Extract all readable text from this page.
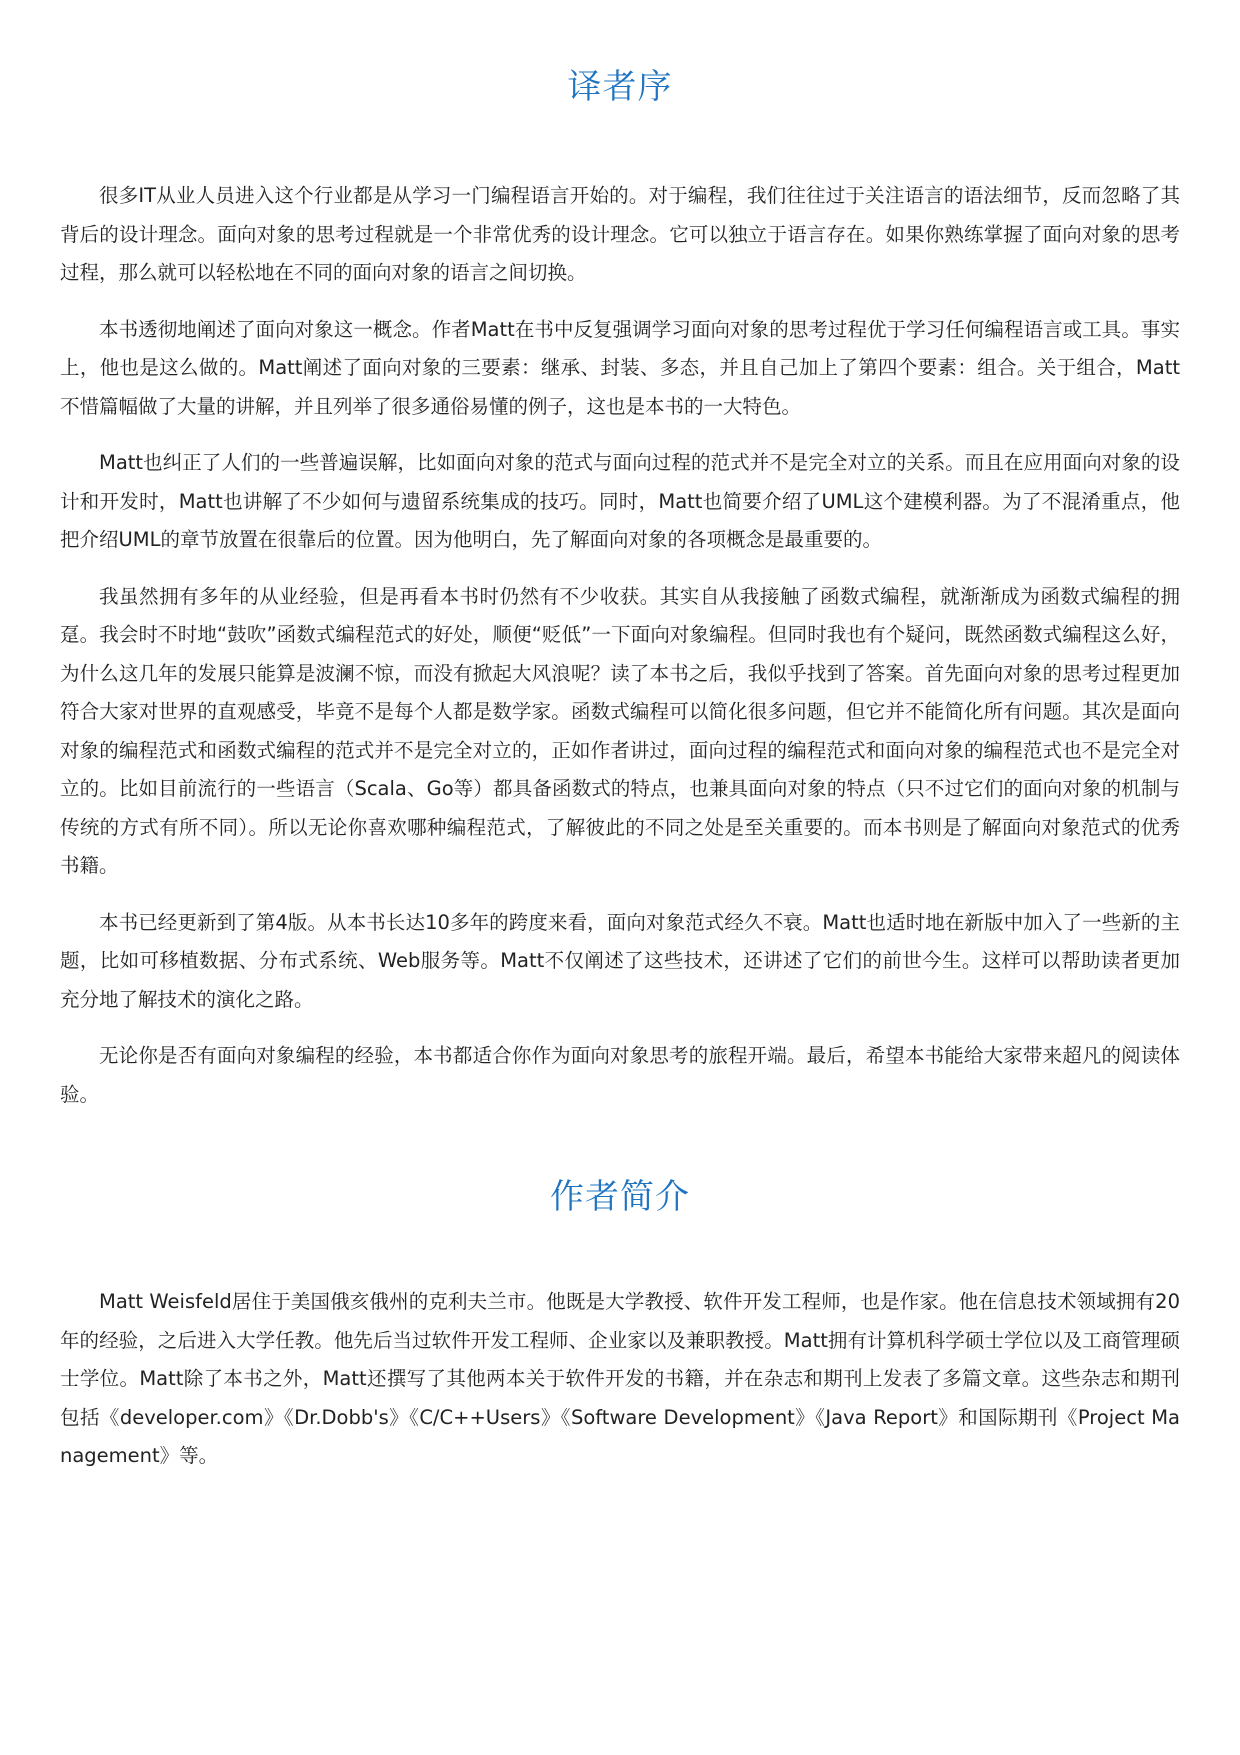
译者序

很多IT从业人员进入这个行业都是从学习一门编程语言开始的。对于编程，我们往往过于关注语言的语法细节，反而忽略了其背后的设计理念。面向对象的思考过程就是一个非常优秀的设计理念。它可以独立于语言存在。如果你熟练掌握了面向对象的思考过程，那么就可以轻松地在不同的面向对象的语言之间切换。

本书透彻地阐述了面向对象这一概念。作者Matt在书中反复强调学习面向对象的思考过程优于学习任何编程语言或工具。事实上，他也是这么做的。Matt阐述了面向对象的三要素：继承、封装、多态，并且自己加上了第四个要素：组合。关于组合，Matt不惜篇幅做了大量的讲解，并且列举了很多通俗易懂的例子，这也是本书的一大特色。

Matt也纠正了人们的一些普遍误解，比如面向对象的范式与面向过程的范式并不是完全对立的关系。而且在应用面向对象的设计和开发时，Matt也讲解了不少如何与遗留系统集成的技巧。同时，Matt也简要介绍了UML这个建模利器。为了不混淆重点，他把介绍UML的章节放置在很靠后的位置。因为他明白，先了解面向对象的各项概念是最重要的。

我虽然拥有多年的从业经验，但是再看本书时仍然有不少收获。其实自从我接触了函数式编程，就渐渐成为函数式编程的拥趸。我会时不时地“鼓吹”函数式编程范式的好处，顺便“贬低”一下面向对象编程。但同时我也有个疑问，既然函数式编程这么好，为什么这几年的发展只能算是波澜不惊，而没有掀起大风浪呢？读了本书之后，我似乎找到了答案。首先面向对象的思考过程更加符合大家对世界的直观感受，毕竟不是每个人都是数学家。函数式编程可以简化很多问题，但它并不能简化所有问题。其次是面向对象的编程范式和函数式编程的范式并不是完全对立的，正如作者讲过，面向过程的编程范式和面向对象的编程范式也不是完全对立的。比如目前流行的一些语言（Scala、Go等）都具备函数式的特点，也兼具面向对象的特点（只不过它们的面向对象的机制与传统的方式有所不同）。所以无论你喜欢哪种编程范式，了解彼此的不同之处是至关重要的。而本书则是了解面向对象范式的优秀书籍。

本书已经更新到了第4版。从本书长达10多年的跨度来看，面向对象范式经久不衰。Matt也适时地在新版中加入了一些新的主题，比如可移植数据、分布式系统、Web服务等。Matt不仅阐述了这些技术，还讲述了它们的前世今生。这样可以帮助读者更加充分地了解技术的演化之路。

无论你是否有面向对象编程的经验，本书都适合你作为面向对象思考的旅程开端。最后，希望本书能给大家带来超凡的阅读体验。

作者简介

Matt Weisfeld居住于美国俄亥俄州的克利夫兰市。他既是大学教授、软件开发工程师，也是作家。他在信息技术领域拥有20年的经验，之后进入大学任教。他先后当过软件开发工程师、企业家以及兼职教授。Matt拥有计算机科学硕士学位以及工商管理硕士学位。Matt除了本书之外，Matt还撰写了其他两本关于软件开发的书籍，并在杂志和期刊上发表了多篇文章。这些杂志和期刊包括《developer.com》《Dr.Dobb's》《C/C++Users》《Software Development》《Java Report》和国际期刊《Project Management》等。
